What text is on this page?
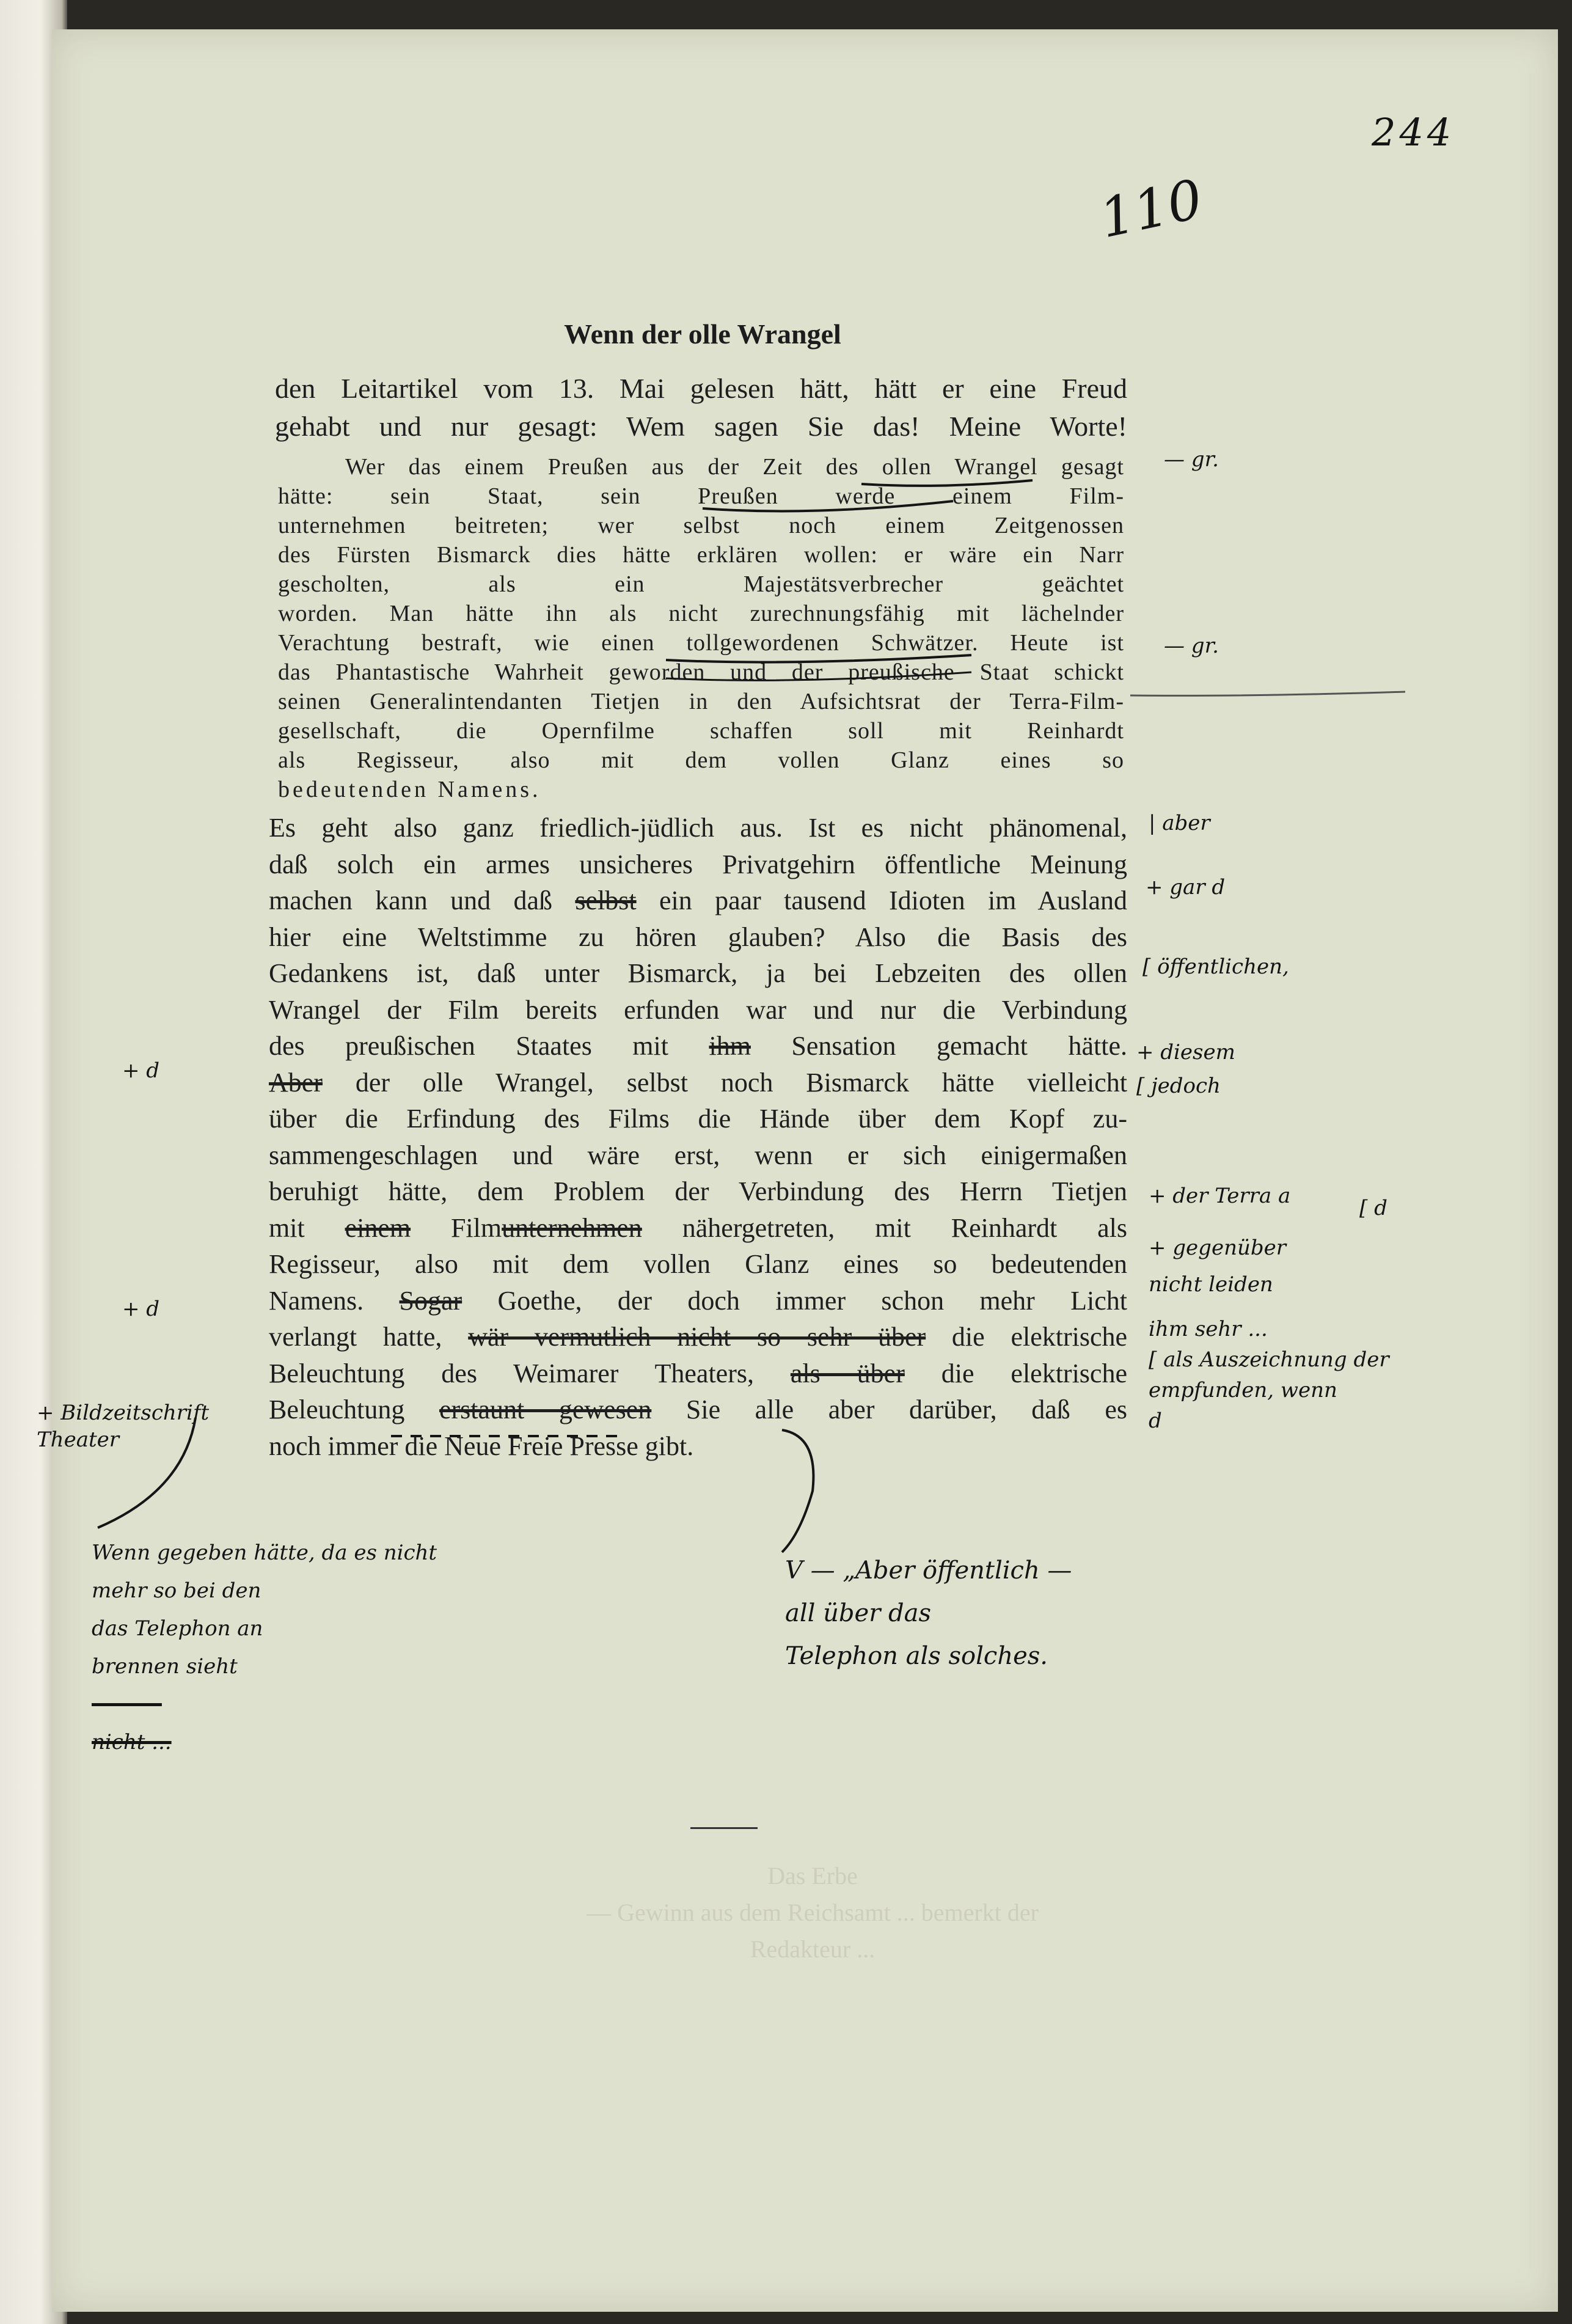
244
110
Wenn der olle Wrangel
den Leitartikel vom 13. Mai gelesen hätt, hätt er eine Freud
gehabt und nur gesagt: Wem sagen Sie das! Meine Worte!
Wer das einem Preußen aus der Zeit des ollen Wrangel gesagt
hätte: sein Staat, sein Preußen werde einem Film-
unternehmen beitreten; wer selbst noch einem Zeitgenossen
des Fürsten Bismarck dies hätte erklären wollen: er wäre ein Narr
gescholten, als ein Majestätsverbrecher geächtet
worden. Man hätte ihn als nicht zurechnungsfähig mit lächelnder
Verachtung bestraft, wie einen tollgewordenen Schwätzer. Heute ist
das Phantastische Wahrheit geworden und der preußische Staat schickt
seinen Generalintendanten Tietjen in den Aufsichtsrat der Terra-Film-
gesellschaft, die Opernfilme schaffen soll mit Reinhardt
als Regisseur, also mit dem vollen Glanz eines so
bedeutenden Namens.
Es geht also ganz friedlich-jüdlich aus. Ist es nicht phänomenal,
daß solch ein armes unsicheres Privatgehirn öffentliche Meinung
machen kann und daß selbst ein paar tausend Idioten im Ausland
hier eine Weltstimme zu hören glauben? Also die Basis des
Gedankens ist, daß unter Bismarck, ja bei Lebzeiten des ollen
Wrangel der Film bereits erfunden war und nur die Verbindung
des preußischen Staates mit ihm Sensation gemacht hätte.
Aber der olle Wrangel, selbst noch Bismarck hätte vielleicht
über die Erfindung des Films die Hände über dem Kopf zu-
sammengeschlagen und wäre erst, wenn er sich einigermaßen
beruhigt hätte, dem Problem der Verbindung des Herrn Tietjen
mit einem Filmunternehmen nähergetreten, mit Reinhardt als
Regisseur, also mit dem vollen Glanz eines so bedeutenden
Namens. Sogar Goethe, der doch immer schon mehr Licht
verlangt hatte, wär vermutlich nicht so sehr über die elektrische
Beleuchtung des Weimarer Theaters, als über die elektrische
Beleuchtung erstaunt gewesen Sie alle aber darüber, daß es
noch immer die Neue Freie Presse gibt.
— gr.
— gr.
| aber
+ gar d
[ öffentlichen,
+ diesem
[ jedoch
+ der Terra a	[ d
+ gegenüber
nicht leiden
ihm sehr ...
[ als Auszeichnung der
empfunden, wenn
d
+ d
+ d
+ Bildzeitschrift
Theater
Wenn gegeben hätte, da es nicht
mehr so bei den
das Telephon an
brennen sieht
----------
nicht ...
V — „Aber öffentlich —
all über das
Telephon als solches.
Das Erbe
— Gewinn aus dem Reichsamt ... bemerkt der Redakteur ...
